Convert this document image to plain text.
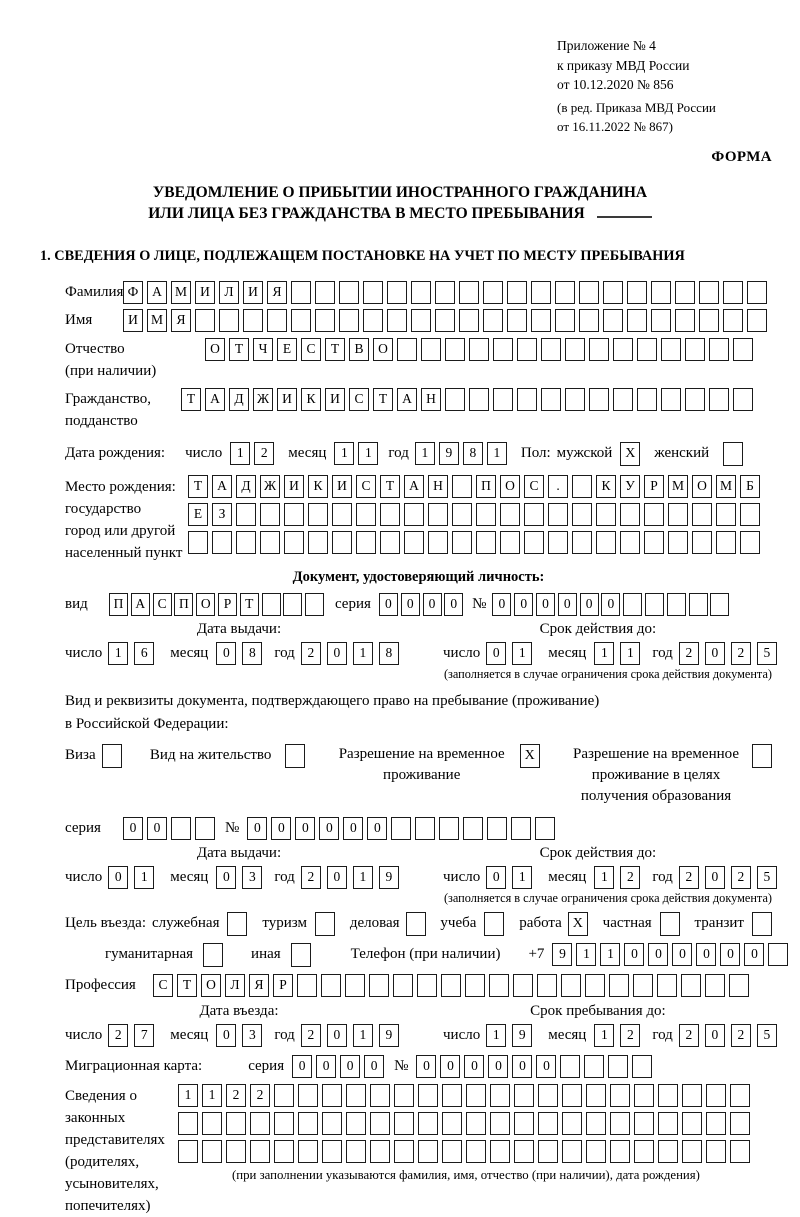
Приложение № 4
к приказу МВД России
от 10.12.2020 № 856
(в ред. Приказа МВД России
от 16.11.2022 № 867)
ФОРМА
УВЕДОМЛЕНИЕ О ПРИБЫТИИ ИНОСТРАННОГО ГРАЖДАНИНА
ИЛИ ЛИЦА БЕЗ ГРАЖДАНСТВА В МЕСТО ПРЕБЫВАНИЯ
1. СВЕДЕНИЯ О ЛИЦЕ, ПОДЛЕЖАЩЕМ ПОСТАНОВКЕ НА УЧЕТ ПО МЕСТУ ПРЕБЫВАНИЯ
Фамилия Ф	А М И	Л	И	Я
Имя	И М Я
Отчество
(при наличии)
О	Т	Ч	Е	С	Т	В	О
Гражданство,
подданство
Т	А	Д Ж И	К	И	С	Т	А	Н
Дата рождения: число	1	2	месяц	1	1	год 1	9	8	1	Пол: мужской X	женский
Место рождения:
государство
город или другой
населенный пункт
Т	А	Д Ж И	К	И	С	Т	А	Н	П	О	С	.	К	У	Р	М О М	Б
Е	З
Документ, удостоверяющий личность:
вид	П А С П О Р	Т	серия	0	0	0	0 № 0	0	0	0	0	0
Дата выдачи:
число 1	6	месяц	0	8	год 2	0	1	8
Срок действия до:
число 0	1	месяц	1	1	год 2	0	2	5
(заполняется в случае ограничения срока действия документа)
Вид и реквизиты документа, подтверждающего право на пребывание (проживание)
в Российской Федерации:
Виза	Вид на жительство	Разрешение на временное
проживание
X	Разрешение на временное
проживание в целях
получения образования
серия	0	0	№	0	0	0	0	0	0
Дата выдачи:
число 0	1	месяц	0	3	год 2	0	1	9
Срок действия до:
число 0	1	месяц	1	2	год 2	0	2	5
(заполняется в случае ограничения срока действия документа)
Цель въезда: служебная	туризм	деловая	учеба	работа X	частная	транзит
гуманитарная	иная	Телефон (при наличии) +7	9	1	1	0	0	0	0	0	0
Профессия	С	Т	О	Л	Я	Р
Дата въезда:
число 2	7	месяц	0	3	год 2	0	1	9
Срок пребывания до:
число 1	9	месяц	1	2	год 2	0	2	5
Миграционная карта:	серия	0	0	0	0	№	0	0	0	0	0	0
Сведения о
законных
представителях
(родителях,
усыновителях,
попечителях)
1	1	2	2
(при заполнении указываются фамилия, имя, отчество (при наличии), дата рождения)
